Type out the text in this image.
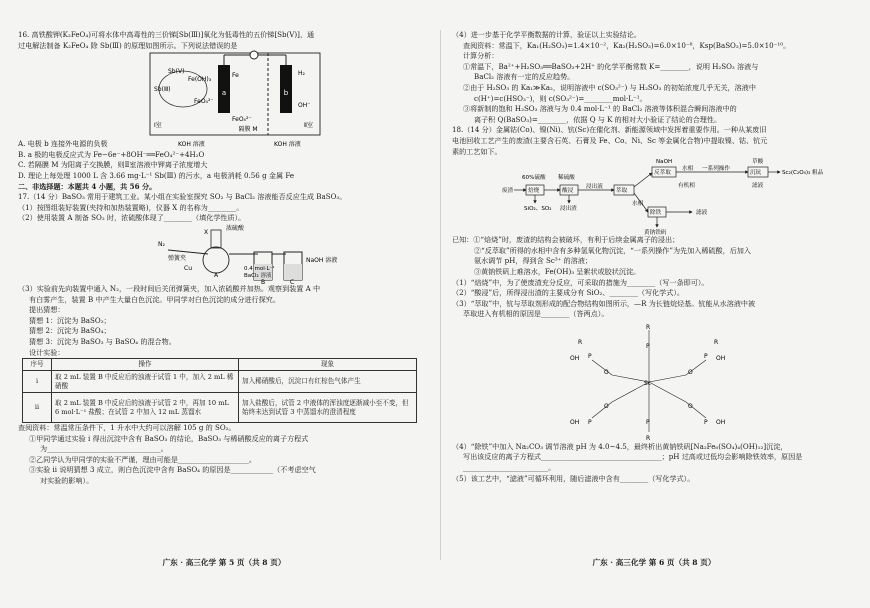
16. 高铁酸钾(K₂FeO₄)可将水体中高毒性的三价锑[Sb(Ⅲ)]氧化为低毒性的五价锑[Sb(Ⅴ)]，通
过电解法制备 K₂FeO₄ 除 Sb(Ⅲ) 的原理如图所示。下列说法错误的是
a	b
Sb(Ⅲ)
Fe(OH)₃
FeO₄²⁻
Sb(Ⅴ)
Fe
FeO₄²⁻
H₂
OH⁻
Ⅰ室	Ⅱ室
隔膜 M
KOH 溶液	KOH 溶液
A. 电极 b 连接外电源的负极
B. a 极的电极反应式为 Fe−6e⁻+8OH⁻══FeO₄²⁻+4H₂O
C. 若隔膜 M 为阳离子交换膜，则Ⅱ室溶液中钾离子浓度增大
D. 理论上每处理 1000 L 含 3.66 mg·L⁻¹ Sb(Ⅲ) 的污水，a 电极消耗 0.56 g 金属 Fe
二、非选择题：本题共 4 小题，共 56 分。
17.（14 分）BaSO₃ 常用于建筑工业。某小组在实验室探究 SO₂ 与 BaCl₂ 溶液能否反应生成 BaSO₃。
（1）按图组装好装置(夹持和加热装置略)，仪器 X 的名称为________。
（2）使用装置 A 制备 SO₂ 时，浓硫酸体现了________（填化学性质）。
N₂
弹簧夹
浓硫酸
X
Cu
A
0.4 mol·L⁻¹
BaCl₂ 溶液
B	C
NaOH 溶液
（3）实验前先向装置中通入 N₂，一段时间后关闭弹簧夹，加入浓硫酸并加热。观察到装置 A 中
有白雾产生，装置 B 中产生大量白色沉淀。甲同学对白色沉淀的成分进行探究。
提出猜想：
猜想 1：沉淀为 BaSO₃；
猜想 2：沉淀为 BaSO₄；
猜想 3：沉淀为 BaSO₃ 与 BaSO₄ 的混合物。
设计实验：
序号	操作	现象
i	取 2 mL 装置 B 中反应后的浊液于试管 1 中，加入 2 mL 稀硝酸	加入稀硝酸后，沉淀口有红棕色气体产生
ii	取 2 mL 装置 B 中反应后的浊液于试管 2 中，再加 10 mL 6 mol·L⁻¹ 盐酸；在试管 2 中加入 12 mL 蒸馏水	加入盐酸后，试管 2 中液体的浑浊度逐渐减小至不变，但始终未达到试管 3 中蒸馏水的澄清程度
查阅资料：常温常压条件下，1 升水中大约可以溶解 105 g 的 SO₂。
①甲同学通过实验 i 得出沉淀中含有 BaSO₃ 的结论，BaSO₃ 与稀硝酸反应的离子方程式
为________________________________。
②乙同学认为甲同学的实验不严谨，理由可能是____________________。
③实验 ii 说明猜想 3 成立，则白色沉淀中含有 BaSO₄ 的原因是____________（不考虑空气
对实验的影响）。
广东 · 高三化学 第 5 页（共 8 页）
（4）进一步基于化学平衡数据的计算，验证以上实验结论。
查阅资料：常温下，Ka₁(H₂SO₃)=1.4×10⁻²，Ka₂(H₂SO₃)=6.0×10⁻⁸，Ksp(BaSO₃)=5.0×10⁻¹⁰。
计算分析：
①常温下，Ba²⁺+H₂SO₃══BaSO₃+2H⁺ 的化学平衡常数 K=________，说明 H₂SO₃ 溶液与
BaCl₂ 溶液有一定的反应趋势。
②由于 H₂SO₃ 的 Ka₁≫Ka₂，说明溶液中 c(SO₃²⁻) 与 H₂SO₃ 的初始浓度几乎无关，溶液中
c(H⁺)=c(HSO₃⁻)，则 c(SO₃²⁻)=________mol·L⁻¹。
③将新制的饱和 H₂SO₃ 溶液与为 0.4 mol·L⁻¹ 的 BaCl₂ 溶液等体积混合瞬间溶液中的
离子积 Q(BaSO₃)=________，依据 Q 与 K 的相对大小验证了结论的合理性。
18.（14 分）金属钴(Co)、镍(Ni)、钪(Sc)在催化剂、新能源领域中发挥着重要作用。一种从某废旧
电池回收工艺产生的废渣(主要含石英、石膏及 Fe、Co、Ni、Sc 等金属化合物)中提取镍、钴、钪元
素的工艺如下。
60%硫酸 稀硫酸
废渣	焙烧	酸浸
浸出液
SiO₂、SO₂ 浸出渣
萃取
NaOH
反萃取
水相 一系列操作
草酸
沉钪	Sc₂(C₂O₄)₃ 粗品
有机相	滤液
水相
除铁	滤液
黄钠铁矾
已知：①“焙烧”时，废渣的结构会被破坏，有利于后续金属离子的浸出；
②“反萃取”所得的水相中含有多种氢氧化物沉淀，“一系列操作”为先加入稀硫酸，后加入
氨水调节 pH，得到含 Sc³⁺ 的溶液；
③黄钠铁矾上难溶水，Fe(OH)₃ 呈絮状或胶状沉淀。
（1）“焙烧”中，为了使废渣充分反应，可采取的措施为________（写一条即可）。
（2）“酸浸”后，所得浸出渣的主要成分有 SiO₂、________（写化学式）。
（3）“萃取”中，钪与萃取剂形成的配合物结构如图所示，—R 为长链烷烃基。钪能从水溶液中被
萃取进入有机相的原因是________（答两点）。
Sc
P
R
P	P
P	P
P
R
O	O
O	O
OH	OH
OH	OH
R	R
（4）“除铁”中加入 Na₂CO₃ 调节溶液 pH 为 4.0~4.5，最终析出黄钠铁矾[Na₂Fe₆(SO₄)₄(OH)₁₂]沉淀，
写出该反应的离子方程式__________________________________；pH 过高或过低均会影响除铁效率，原因是
________________________。
（5）该工艺中，“滤液”可循环利用，随后滤液中含有________（写化学式）。
广东 · 高三化学 第 6 页（共 8 页）
